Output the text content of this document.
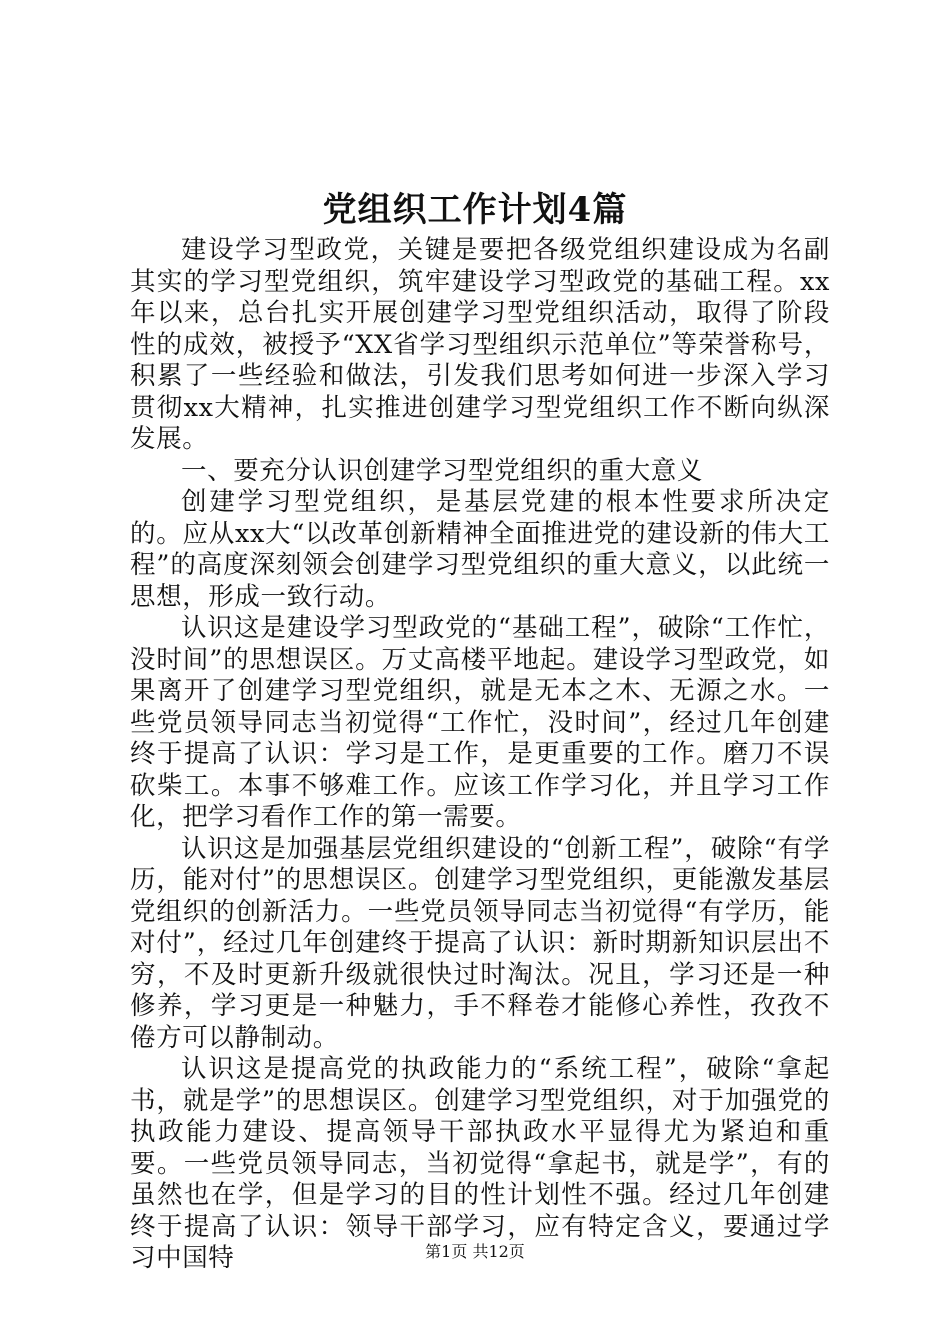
党组织工作计划4篇

建设学习型政党，关键是要把各级党组织建设成为名副其实的学习型党组织，筑牢建设学习型政党的基础工程。xx年以来，总台扎实开展创建学习型党组织活动，取得了阶段性的成效，被授予“XX省学习型组织示范单位”等荣誉称号，积累了一些经验和做法，引发我们思考如何进一步深入学习贯彻xx大精神，扎实推进创建学习型党组织工作不断向纵深发展。

一、要充分认识创建学习型党组织的重大意义

创建学习型党组织，是基层党建的根本性要求所决定的。应从xx大“以改革创新精神全面推进党的建设新的伟大工程”的高度深刻领会创建学习型党组织的重大意义，以此统一思想，形成一致行动。

认识这是建设学习型政党的“基础工程”，破除“工作忙，没时间”的思想误区。万丈高楼平地起。建设学习型政党，如果离开了创建学习型党组织，就是无本之木、无源之水。一些党员领导同志当初觉得“工作忙，没时间”，经过几年创建终于提高了认识：学习是工作，是更重要的工作。磨刀不误砍柴工。本事不够难工作。应该工作学习化，并且学习工作化，把学习看作工作的第一需要。

认识这是加强基层党组织建设的“创新工程”，破除“有学历，能对付”的思想误区。创建学习型党组织，更能激发基层党组织的创新活力。一些党员领导同志当初觉得“有学历，能对付”，经过几年创建终于提高了认识：新时期新知识层出不穷，不及时更新升级就很快过时淘汰。况且，学习还是一种修养，学习更是一种魅力，手不释卷才能修心养性，孜孜不倦方可以静制动。

认识这是提高党的执政能力的“系统工程”，破除“拿起书，就是学”的思想误区。创建学习型党组织，对于加强党的执政能力建设、提高领导干部执政水平显得尤为紧迫和重要。一些党员领导同志，当初觉得“拿起书，就是学”，有的虽然也在学，但是学习的目的性计划性不强。经过几年创建终于提高了认识：领导干部学习，应有特定含义，要通过学习中国特	第1页 共12页
